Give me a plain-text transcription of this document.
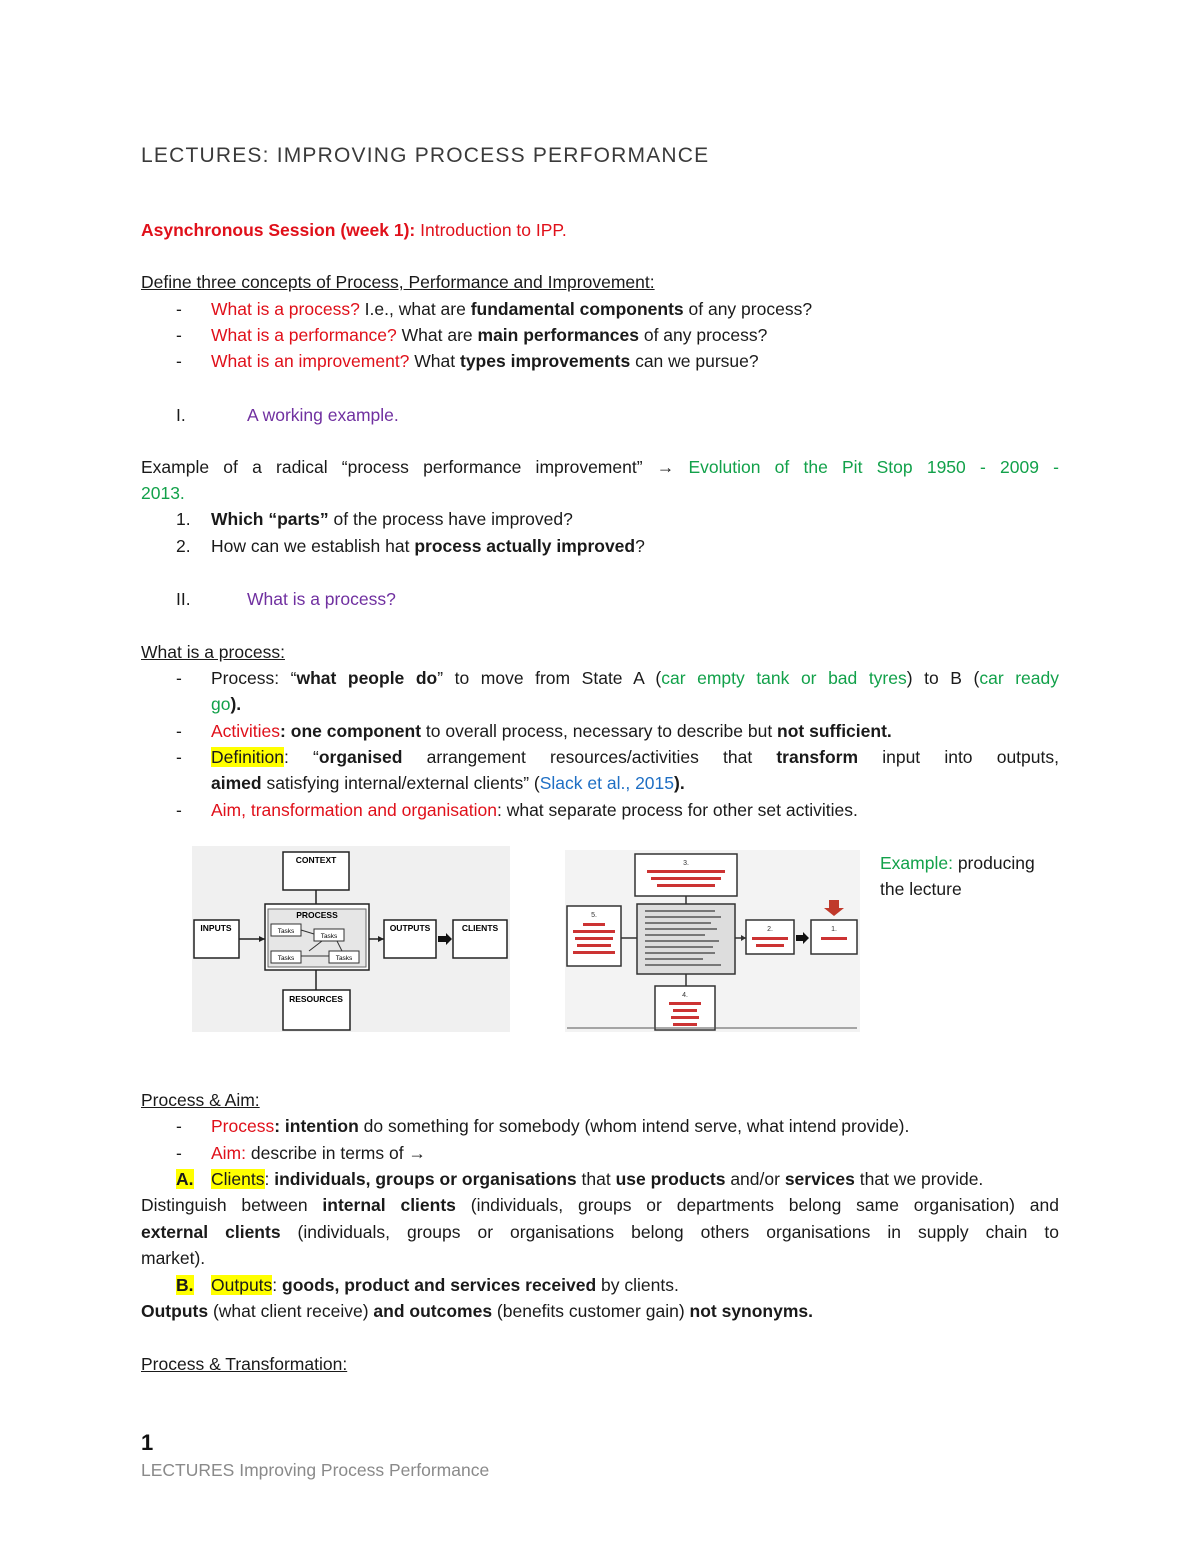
LECTURES: IMPROVING PROCESS PERFORMANCE
Asynchronous Session (week 1): Introduction to IPP.
Define three concepts of Process, Performance and Improvement:
- What is a process? I.e., what are fundamental components of any process?
- What is a performance? What are main performances of any process?
- What is an improvement? What types improvements can we pursue?
I.	A working example.
Example of a radical “process performance improvement” → Evolution of the Pit Stop 1950 - 2009 -
2013.
1. Which “parts” of the process have improved?
2. How can we establish hat process actually improved?
II.	What is a process?
What is a process:
- Process: “what people do” to move from State A (car empty tank or bad tyres) to B (car ready
go).
- Activities: one component to overall process, necessary to describe but not sufficient.
- Definition: “organised arrangement resources/activities that transform input into outputs,
aimed satisfying internal/external clients” (Slack et al., 2015).
- Aim, transformation and organisation: what separate process for other set activities.
CONTEXT
PROCESS
Tasks
Tasks
Tasks	Tasks
INPUTS	OUTPUTS	CLIENTS
RESOURCES
3.
5.
2.	1.
4.
Example: producing
the lecture
Process & Aim:
- Process: intention do something for somebody (whom intend serve, what intend provide).
- Aim: describe in terms of →
A. Clients: individuals, groups or organisations that use products and/or services that we provide.
Distinguish between internal clients (individuals, groups or departments belong same organisation) and
external clients (individuals, groups or organisations belong others organisations in supply chain to
market).
B. Outputs: goods, product and services received by clients.
Outputs (what client receive) and outcomes (benefits customer gain) not synonyms.
Process & Transformation:
1
LECTURES Improving Process Performance
